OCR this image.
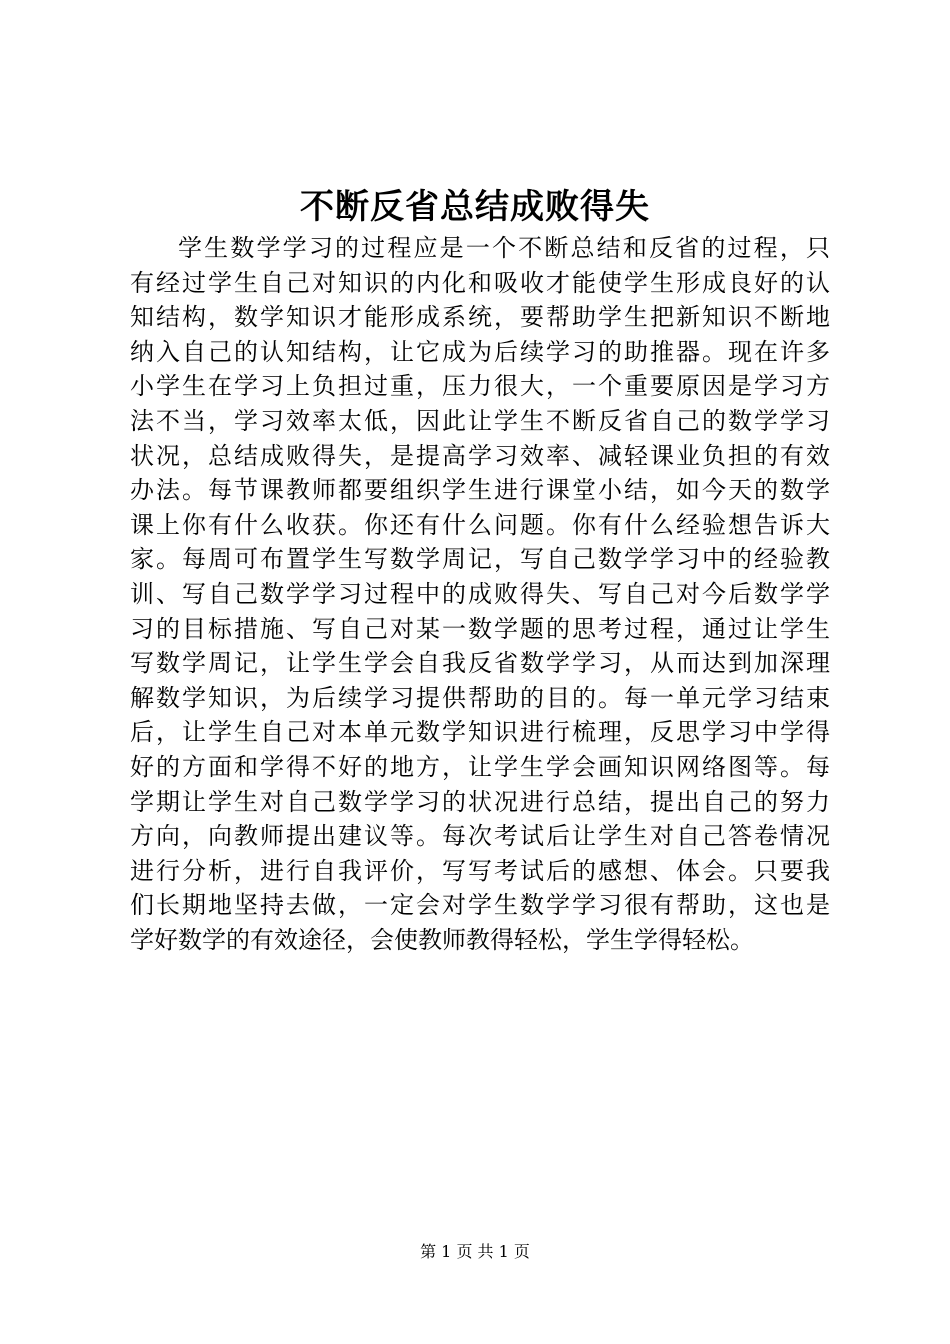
不断反省总结成败得失
学生数学学习的过程应是一个不断总结和反省的过程，只
有经过学生自己对知识的内化和吸收才能使学生形成良好的认
知结构，数学知识才能形成系统，要帮助学生把新知识不断地
纳入自己的认知结构，让它成为后续学习的助推器。现在许多
小学生在学习上负担过重，压力很大，一个重要原因是学习方
法不当，学习效率太低，因此让学生不断反省自己的数学学习
状况，总结成败得失，是提高学习效率、减轻课业负担的有效
办法。每节课教师都要组织学生进行课堂小结，如今天的数学
课上你有什么收获。你还有什么问题。你有什么经验想告诉大
家。每周可布置学生写数学周记，写自己数学学习中的经验教
训、写自己数学学习过程中的成败得失、写自己对今后数学学
习的目标措施、写自己对某一数学题的思考过程，通过让学生
写数学周记，让学生学会自我反省数学学习，从而达到加深理
解数学知识，为后续学习提供帮助的目的。每一单元学习结束
后，让学生自己对本单元数学知识进行梳理，反思学习中学得
好的方面和学得不好的地方，让学生学会画知识网络图等。每
学期让学生对自己数学学习的状况进行总结，提出自己的努力
方向，向教师提出建议等。每次考试后让学生对自己答卷情况
进行分析，进行自我评价，写写考试后的感想、体会。只要我
们长期地坚持去做，一定会对学生数学学习很有帮助，这也是
学好数学的有效途径，会使教师教得轻松，学生学得轻松。
第 1 页 共 1 页
